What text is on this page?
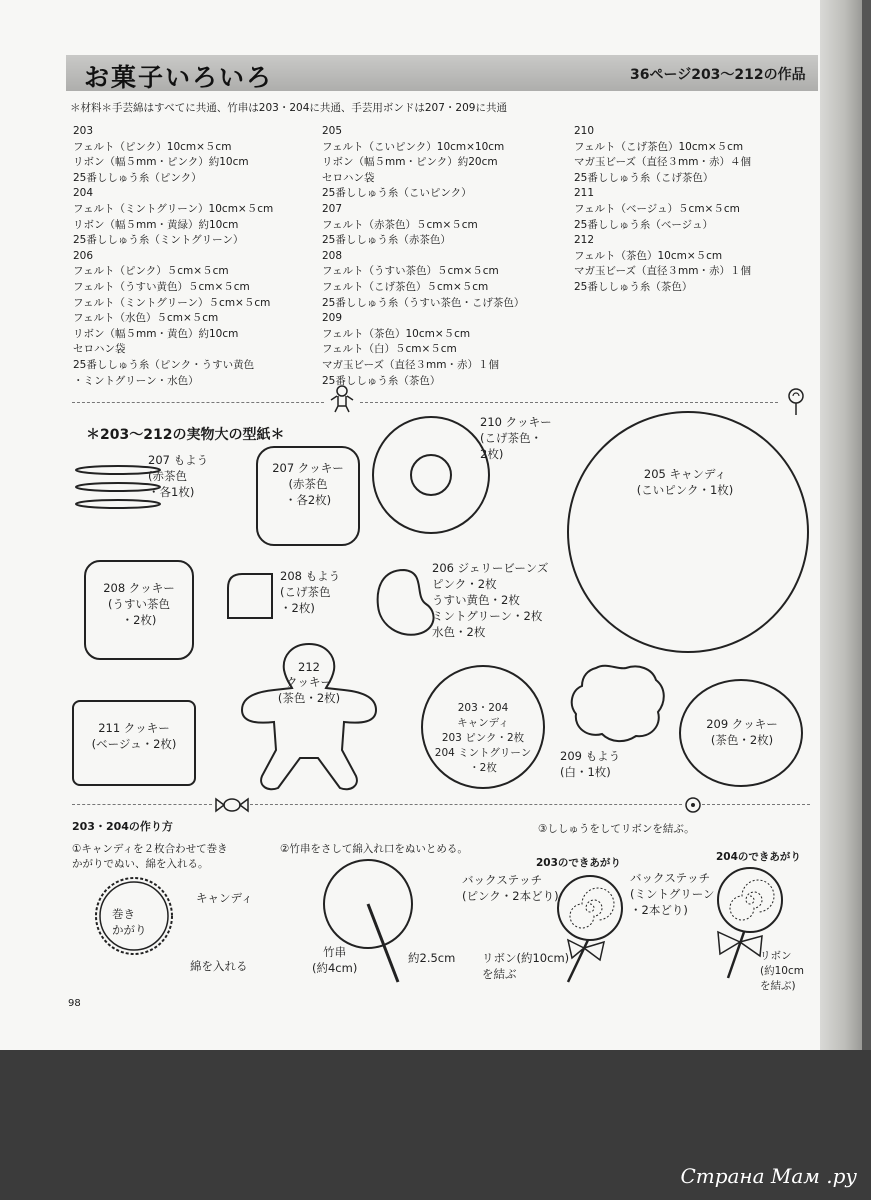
お菓子いろいろ	36ページ203〜212の作品
＊材料＊手芸綿はすべてに共通、竹串は203・204に共通、手芸用ボンドは207・209に共通
203
フェルト（ピンク）10cm×５cm
リボン（幅５mm・ピンク）約10cm
25番ししゅう糸（ピンク）
204
フェルト（ミントグリーン）10cm×５cm
リボン（幅５mm・黄緑）約10cm
25番ししゅう糸（ミントグリーン）
206
フェルト（ピンク）５cm×５cm
フェルト（うすい黄色）５cm×５cm
フェルト（ミントグリーン）５cm×５cm
フェルト（水色）５cm×５cm
リボン（幅５mm・黄色）約10cm
セロハン袋
25番ししゅう糸（ピンク・うすい黄色
・ミントグリーン・水色）
205
フェルト（こいピンク）10cm×10cm
リボン（幅５mm・ピンク）約20cm
セロハン袋
25番ししゅう糸（こいピンク）
207
フェルト（赤茶色）５cm×５cm
25番ししゅう糸（赤茶色）
208
フェルト（うすい茶色）５cm×５cm
フェルト（こげ茶色）５cm×５cm
25番ししゅう糸（うすい茶色・こげ茶色）
209
フェルト（茶色）10cm×５cm
フェルト（白）５cm×５cm
マガ玉ビーズ（直径３mm・赤）１個
25番ししゅう糸（茶色）
210
フェルト（こげ茶色）10cm×５cm
マガ玉ビーズ（直径３mm・赤）４個
25番ししゅう糸（こげ茶色）
211
フェルト（ベージュ）５cm×５cm
25番ししゅう糸（ベージュ）
212
フェルト（茶色）10cm×５cm
マガ玉ビーズ（直径３mm・赤）１個
25番ししゅう糸（茶色）
＊203〜212の実物大の型紙＊
207 もよう
(赤茶色
・各1枚)
207 クッキー
(赤茶色
・各2枚)
210 クッキー
(こげ茶色・
2枚)
205 キャンディ
(こいピンク・1枚)
208 クッキー
(うすい茶色
・2枚)
208 もよう
(こげ茶色
・2枚)
206 ジェリービーンズ
ピンク・2枚
うすい黄色・2枚
ミントグリーン・2枚
水色・2枚
212
クッキー
(茶色・2枚)
203・204
キャンディ
203 ピンク・2枚
204 ミントグリーン
・2枚
209 もよう
(白・1枚)
209 クッキー
(茶色・2枚)
211 クッキー
(ベージュ・2枚)
203・204の作り方
①キャンディを２枚合わせて巻き
かがりでぬい、綿を入れる。
②竹串をさして綿入れ口をぬいとめる。
③ししゅうをしてリボンを結ぶ。
203のできあがり	204のできあがり
巻き
かがり
キャンディ
綿を入れる
竹串
(約4cm)
約2.5cm
バックステッチ
(ピンク・2本どり)
リボン(約10cm)
を結ぶ
バックステッチ
(ミントグリーン
・2本どり)
リボン
(約10cm
を結ぶ)
98
Страна Мам .ру
